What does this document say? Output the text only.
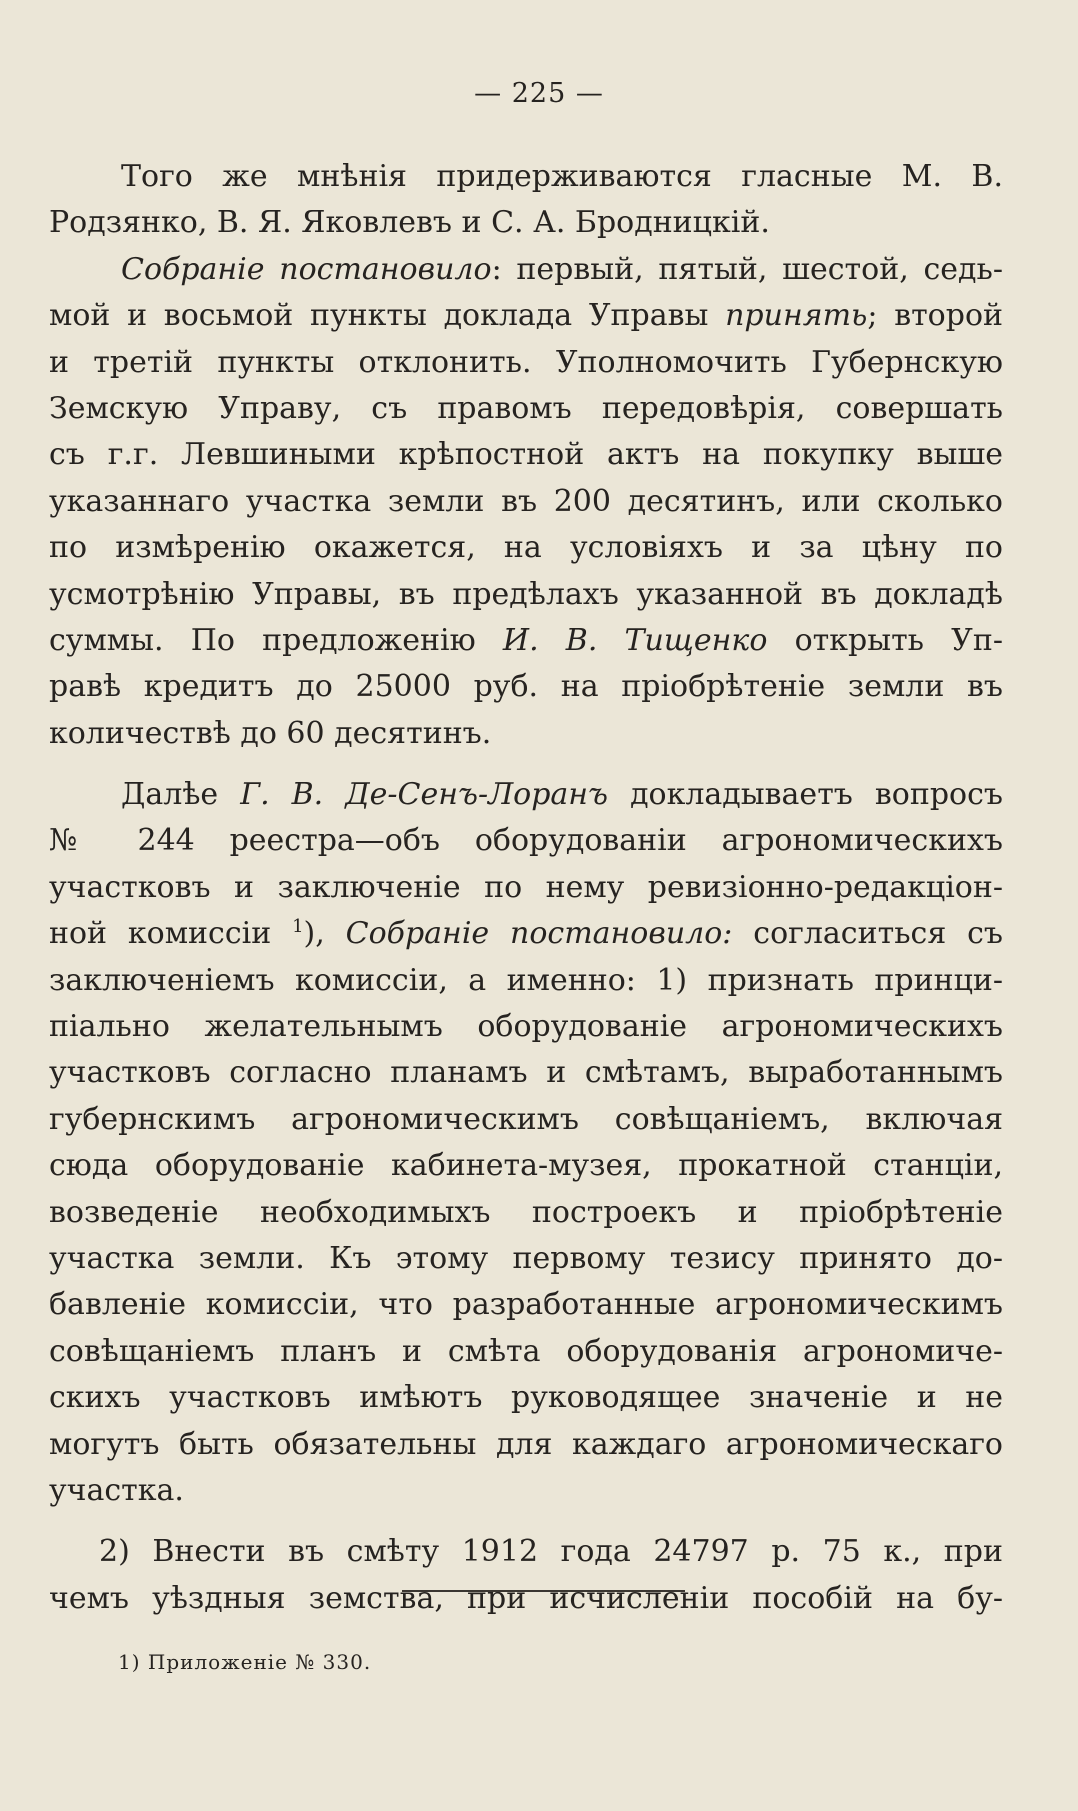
— 225 —
Того же мнѣнія придерживаются гласные М. В.
Родзянко, В. Я. Яковлевъ и С. А. Бродницкій.
Собраніе постановило: первый, пятый, шестой, седь-
мой и восьмой пункты доклада Управы принять; второй
и третій пункты отклонить. Уполномочить Губернскую
Земскую Управу, съ правомъ передовѣрія, совершать
съ г.г. Левшиными крѣпостной актъ на покупку выше
указаннаго участка земли въ 200 десятинъ, или сколько
по измѣренію окажется, на условіяхъ и за цѣну по
усмотрѣнію Управы, въ предѣлахъ указанной въ докладѣ
суммы. По предложенію И. В. Тищенко открыть Уп-
равѣ кредитъ до 25000 руб. на пріобрѣтеніе земли въ
количествѣ до 60 десятинъ.
Далѣе Г. В. Де-Сенъ-Лоранъ докладываетъ вопросъ
№ 244 реестра—объ оборудованіи агрономическихъ
участковъ и заключеніе по нему ревизіонно-редакціон-
ной комиссіи $^1$), Собраніе постановило: согласиться съ
заключеніемъ комиссіи, а именно: 1) признать принци-
піально желательнымъ оборудованіе агрономическихъ
участковъ согласно планамъ и смѣтамъ, выработаннымъ
губернскимъ агрономическимъ совѣщаніемъ, включая
сюда оборудованіе кабинета-музея, прокатной станціи,
возведеніе необходимыхъ построекъ и пріобрѣтеніе
участка земли. Къ этому первому тезису принято до-
бавленіе комиссіи, что разработанные агрономическимъ
совѣщаніемъ планъ и смѣта оборудованія агрономиче-
скихъ участковъ имѣютъ руководящее значеніе и не
могутъ быть обязательны для каждаго агрономическаго
участка.
2) Внести въ смѣту 1912 года 24797 р. 75 к., при
чемъ уѣздныя земства, при исчисленіи пособій на бу-
1) Приложеніе № 330.
